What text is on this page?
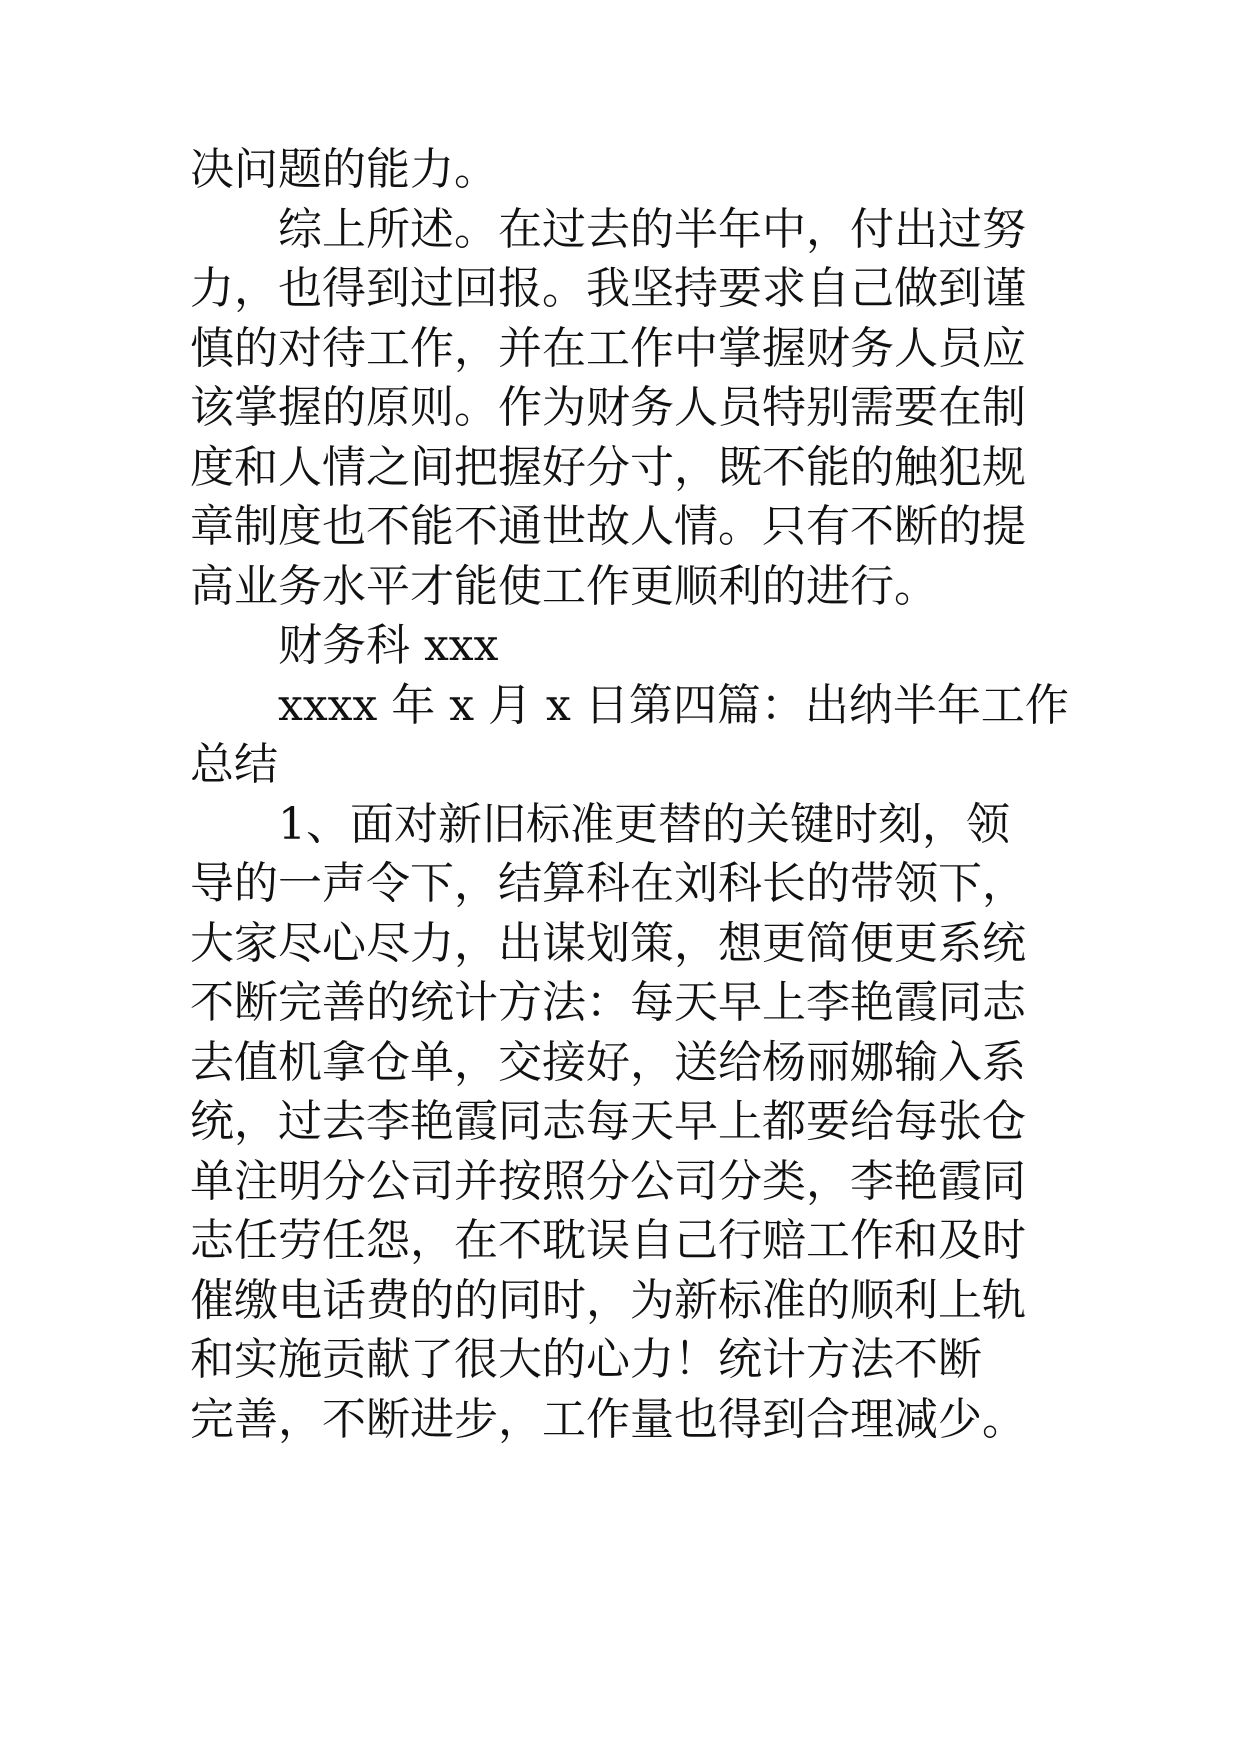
决问题的能力。
综上所述。在过去的半年中，付出过努
力，也得到过回报。我坚持要求自己做到谨
慎的对待工作，并在工作中掌握财务人员应
该掌握的原则。作为财务人员特别需要在制
度和人情之间把握好分寸，既不能的触犯规
章制度也不能不通世故人情。只有不断的提
高业务水平才能使工作更顺利的进行。
财务科 xxx
xxxx 年 x 月 x 日第四篇：出纳半年工作
总结
1、面对新旧标准更替的关键时刻，领
导的一声令下，结算科在刘科长的带领下，
大家尽心尽力，出谋划策，想更简便更系统
不断完善的统计方法：每天早上李艳霞同志
去值机拿仓单，交接好，送给杨丽娜输入系
统，过去李艳霞同志每天早上都要给每张仓
单注明分公司并按照分公司分类，李艳霞同
志任劳任怨，在不耽误自己行赔工作和及时
催缴电话费的的同时，为新标准的顺利上轨
和实施贡献了很大的心力！统计方法不断
完善，不断进步，工作量也得到合理减少。
